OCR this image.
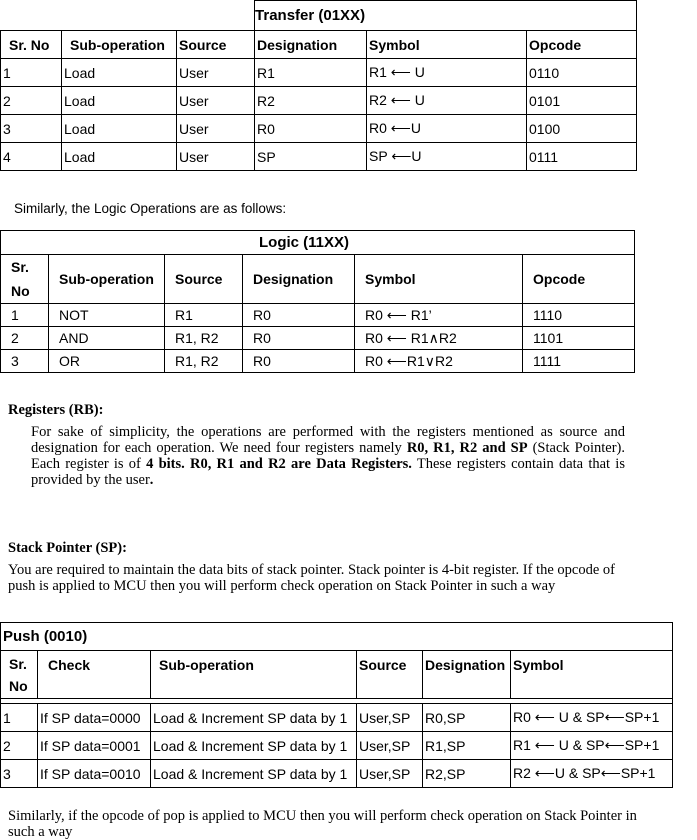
			Transfer (01XX)		
Sr. No	Sub-operation	Source	Designation	Symbol	Opcode
1	Load	User	R1	R1 ⟵ U	0110
2	Load	User	R2	R2 ⟵ U	0101
3	Load	User	R0	R0 ⟵U	0100
4	Load	User	SP	SP ⟵U	0111
Similarly, the Logic Operations are as follows:
Logic (11XX)					
Sr.
No	Sub-operation	Source	Designation	Symbol	Opcode
1	NOT	R1	R0	R0 ⟵ R1’	1110
2	AND	R1, R2	R0	R0 ⟵ R1∧R2	1101
3	OR	R1, R2	R0	R0 ⟵R1∨R2	1111
Registers (RB):
For sake of simplicity, the operations are performed with the registers mentioned as source and designation for each operation. We need four registers namely R0, R1, R2 and SP (Stack Pointer). Each register is of 4 bits. R0, R1 and R2 are Data Registers. These registers contain data that is provided by the user.
Stack Pointer (SP):
You are required to maintain the data bits of stack pointer. Stack pointer is 4-bit register. If the opcode of push is applied to MCU then you will perform check operation on Stack Pointer in such a way
Push (0010)					
Sr.
No	Check	Sub-operation	Source	Designation	Symbol

1	If SP data=0000	Load & Increment SP data by 1	User,SP	R0,SP	R0 ⟵ U & SP⟵SP+1
2	If SP data=0001	Load & Increment SP data by 1	User,SP	R1,SP	R1 ⟵ U & SP⟵SP+1
3	If SP data=0010	Load & Increment SP data by 1	User,SP	R2,SP	R2 ⟵U & SP⟵SP+1
Similarly, if the opcode of pop is applied to MCU then you will perform check operation on Stack Pointer in such a way
